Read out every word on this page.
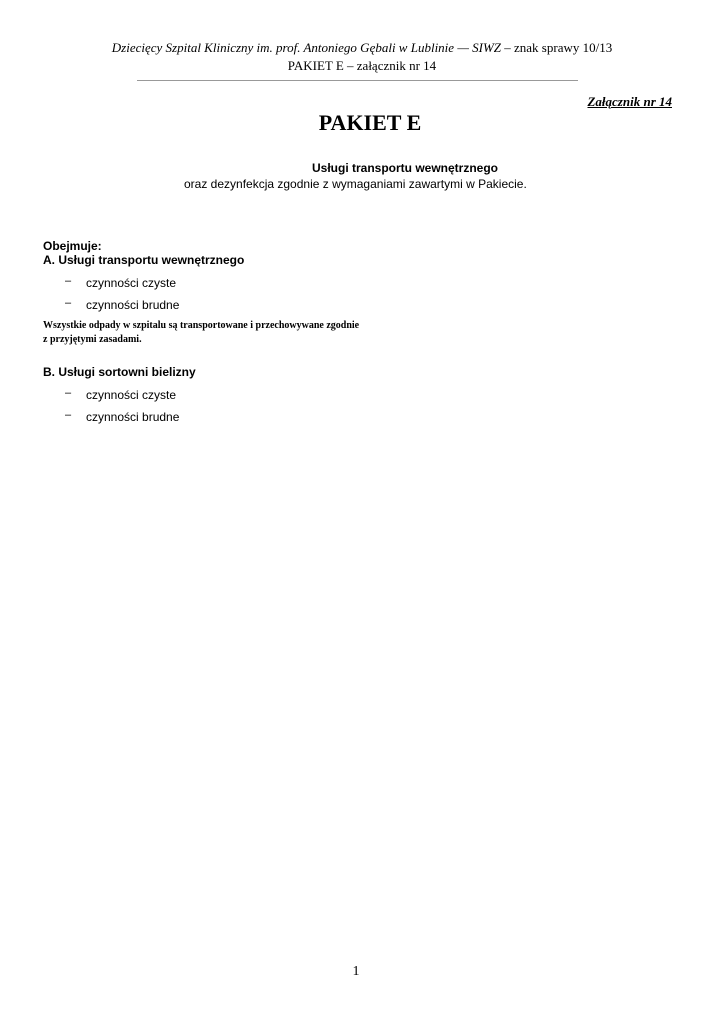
Dziecięcy Szpital Kliniczny im. prof. Antoniego Gębali w Lublinie — SIWZ – znak sprawy 10/13
PAKIET E – załącznik nr 14
Załącznik nr 14
PAKIET E
Usługi transportu wewnętrznego
oraz dezynfekcja zgodnie z wymaganiami zawartymi w Pakiecie.
Obejmuje:
A. Usługi transportu wewnętrznego
– czynności czyste
– czynności brudne
Wszystkie odpady w szpitalu są transportowane i przechowywane zgodnie
z przyjętymi zasadami.
B. Usługi sortowni bielizny
– czynności czyste
– czynności brudne
1
